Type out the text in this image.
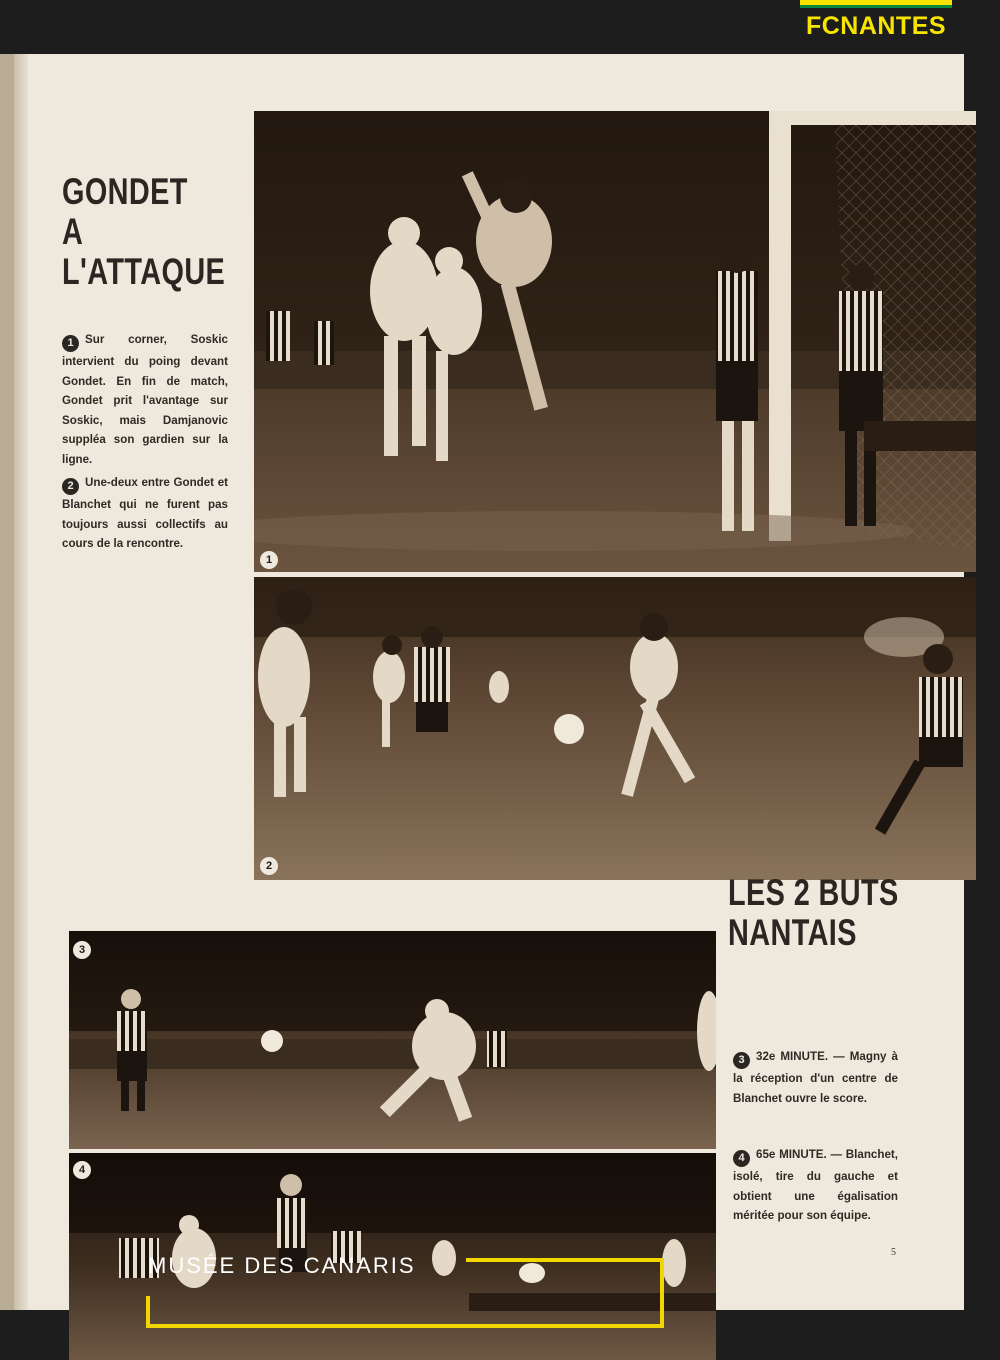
FCNANTES
GONDET
A
L'ATTAQUE
1 Sur corner, Soskic intervient du poing devant Gondet. En fin de match, Gondet prit l'avantage sur Soskic, mais Damjanovic suppléa son gardien sur la ligne.
2 Une-deux entre Gondet et Blanchet qui ne furent pas toujours aussi collectifs au cours de la rencontre.
1
2
3
4
LES 2 BUTS
NANTAIS
3 32e MINUTE. — Magny à la réception d'un centre de Blanchet ouvre le score.
4 65e MINUTE. — Blanchet, isolé, tire du gauche et obtient une égalisation méritée pour son équipe.
5
MUSÉE DES CANARIS
